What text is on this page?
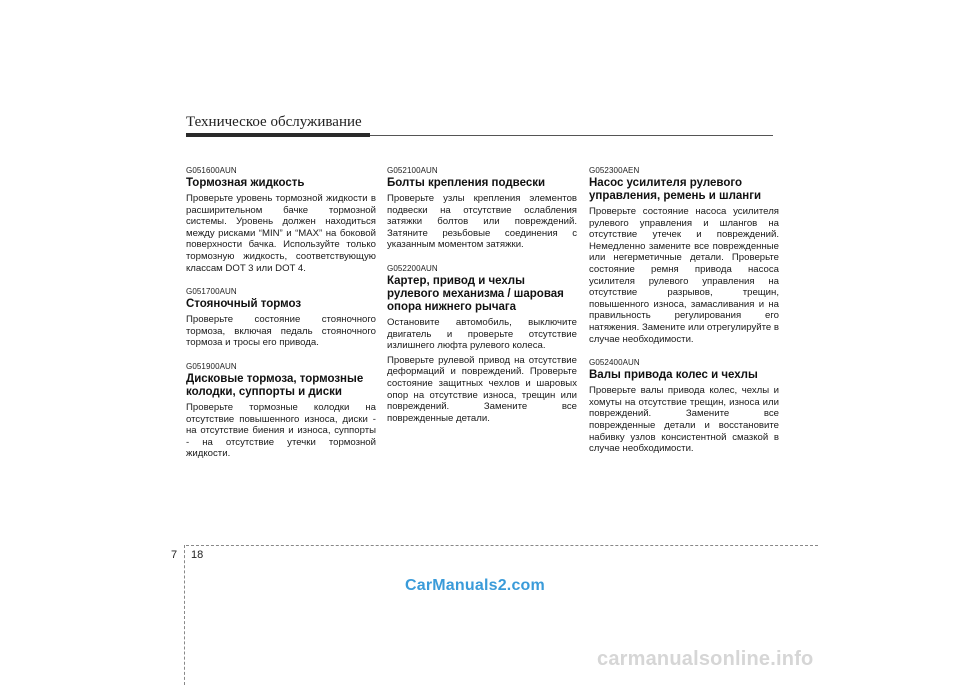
Техническое обслуживание
G051600AUN
Тормозная жидкость

Проверьте уровень тормозной жидкости в расширительном бачке тормозной системы. Уровень должен находиться между рисками “MIN” и “MAX” на боковой поверхности бачка. Используйте только тормозную жидкость, соответствующую классам DOT 3 или DOT 4.

G051700AUN
Стояночный тормоз

Проверьте состояние стояночного тормоза, включая педаль стояночного тормоза и тросы его привода.

G051900AUN
Дисковые тормоза, тормозные колодки, суппорты и диски

Проверьте тормозные колодки на отсутствие повышенного износа, диски - на отсутствие биения и износа, суппорты - на отсутствие утечки тормозной жидкости.

G052100AUN
Болты крепления подвески

Проверьте узлы крепления элементов подвески на отсутствие ослабления затяжки болтов или повреждений. Затяните резьбовые соединения с указанным моментом затяжки.

G052200AUN
Картер, привод и чехлы рулевого механизма / шаровая опора нижнего рычага

Остановите автомобиль, выключите двигатель и проверьте отсутствие излишнего люфта рулевого колеса.

Проверьте рулевой привод на отсутствие деформаций и повреждений. Проверьте состояние защитных чехлов и шаровых опор на отсутствие износа, трещин или повреждений. Замените все поврежденные детали.

G052300AEN
Насос усилителя рулевого управления, ремень и шланги

Проверьте состояние насоса усилителя рулевого управления и шлангов на отсутствие утечек и повреждений. Немедленно замените все поврежденные или негерметичные детали. Проверьте состояние ремня привода насоса усилителя рулевого управления на отсутствие разрывов, трещин, повышенного износа, замасливания и на правильность регулирования его натяжения. Замените или отрегулируйте в случае необходимости.

G052400AUN
Валы привода колес и чехлы

Проверьте валы привода колес, чехлы и хомуты на отсутствие трещин, износа или повреждений. Замените все поврежденные детали и восстановите набивку узлов консистентной смазкой в случае необходимости.

7 18
CarManuals2.com
carmanualsonline.info
